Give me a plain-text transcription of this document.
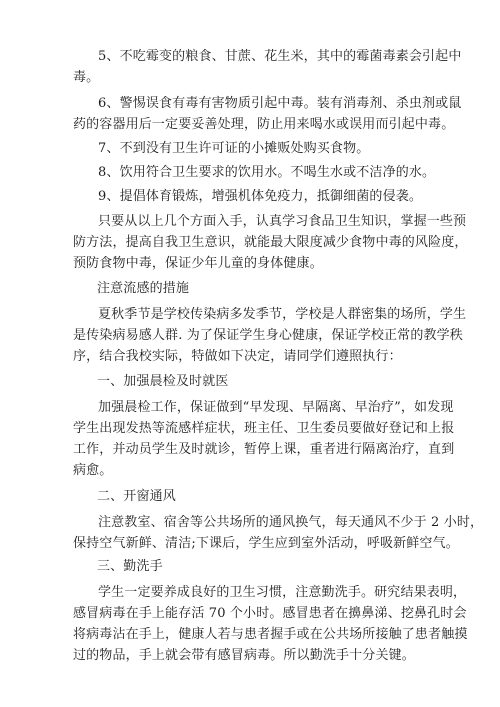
5、不吃霉变的粮食、甘蔗、花生米，其中的霉菌毒素会引起中
毒。

6、警惕误食有毒有害物质引起中毒。装有消毒剂、杀虫剂或鼠
药的容器用后一定要妥善处理，防止用来喝水或误用而引起中毒。

7、不到没有卫生许可证的小摊贩处购买食物。

8、饮用符合卫生要求的饮用水。不喝生水或不洁净的水。

9、提倡体育锻炼，增强机体免疫力，抵御细菌的侵袭。

只要从以上几个方面入手，认真学习食品卫生知识，掌握一些预
防方法，提高自我卫生意识，就能最大限度减少食物中毒的风险度，
预防食物中毒，保证少年儿童的身体健康。

注意流感的措施

夏秋季节是学校传染病多发季节，学校是人群密集的场所，学生
是传染病易感人群. 为了保证学生身心健康，保证学校正常的教学秩
序，结合我校实际，特做如下决定，请同学们遵照执行：

一、加强晨检及时就医

加强晨检工作，保证做到“早发现、早隔离、早治疗”，如发现
学生出现发热等流感样症状，班主任、卫生委员要做好登记和上报
工作，并动员学生及时就诊，暂停上课，重者进行隔离治疗，直到
病愈。

二、开窗通风

注意教室、宿舍等公共场所的通风换气，每天通风不少于 2 小时，
保持空气新鲜、清洁;下课后，学生应到室外活动，呼吸新鲜空气。

三、勤洗手

学生一定要养成良好的卫生习惯，注意勤洗手。研究结果表明，
感冒病毒在手上能存活 70 个小时。感冒患者在擤鼻涕、挖鼻孔时会
将病毒沾在手上，健康人若与患者握手或在公共场所接触了患者触摸
过的物品，手上就会带有感冒病毒。所以勤洗手十分关键。
